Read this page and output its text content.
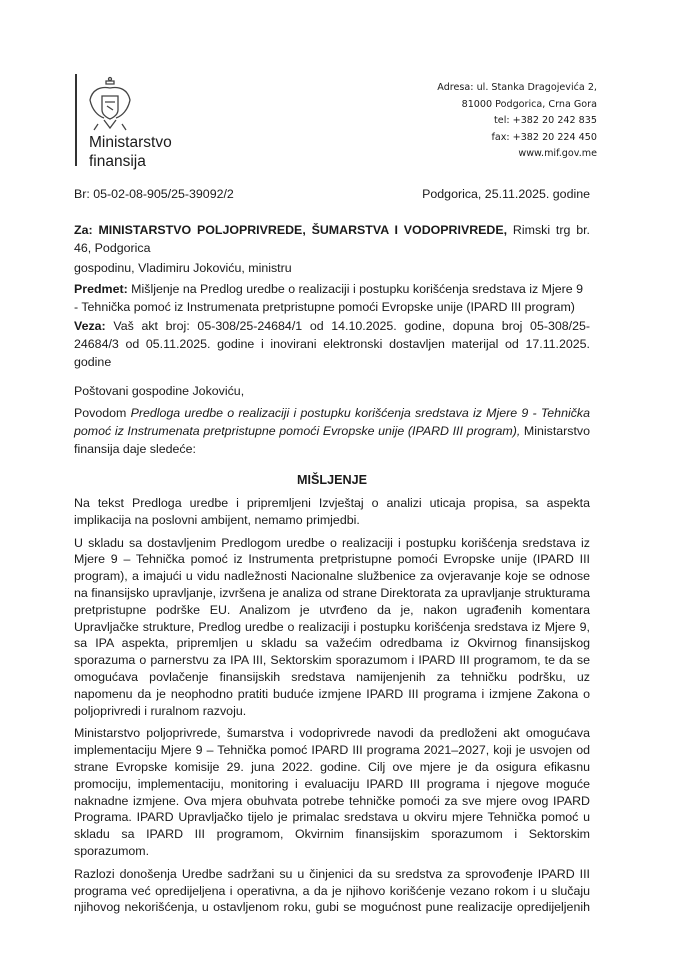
Ministarstvo
finansija
Adresa: ul. Stanka Dragojevića 2,
81000 Podgorica, Crna Gora
tel: +382 20 242 835
fax: +382 20 224 450
www.mif.gov.me
Br: 05-02-08-905/25-39092/2	Podgorica, 25.11.2025. godine
Za: MINISTARSTVO POLJOPRIVREDE, ŠUMARSTVA I VODOPRIVREDE, Rimski trg br. 46, Podgorica
gospodinu, Vladimiru Jokoviću, ministru
Predmet: Mišljenje na Predlog uredbe o realizaciji i postupku korišćenja sredstava iz Mjere 9 - Tehnička pomoć iz Instrumenata pretpristupne pomoći Evropske unije (IPARD III program)
Veza: Vaš akt broj: 05-308/25-24684/1 od 14.10.2025. godine, dopuna broj 05-308/25-24684/3 od 05.11.2025. godine i inovirani elektronski dostavljen materijal od 17.11.2025. godine
Poštovani gospodine Jokoviću,
Povodom Predloga uredbe o realizaciji i postupku korišćenja sredstava iz Mjere 9 - Tehnička pomoć iz Instrumenata pretpristupne pomoći Evropske unije (IPARD III program), Ministarstvo finansija daje sledeće:
MIŠLJENJE
Na tekst Predloga uredbe i pripremljeni Izvještaj o analizi uticaja propisa, sa aspekta implikacija na poslovni ambijent, nemamo primjedbi.
U skladu sa dostavljenim Predlogom uredbe o realizaciji i postupku korišćenja sredstava iz Mjere 9 – Tehnička pomoć iz Instrumenta pretpristupne pomoći Evropske unije (IPARD III program), a imajući u vidu nadležnosti Nacionalne službenice za ovjeravanje koje se odnose na finansijsko upravljanje, izvršena je analiza od strane Direktorata za upravljanje strukturama pretpristupne podrške EU. Analizom je utvrđeno da je, nakon ugrađenih komentara Upravljačke strukture, Predlog uredbe o realizaciji i postupku korišćenja sredstava iz Mjere 9, sa IPA aspekta, pripremljen u skladu sa važećim odredbama iz Okvirnog finansijskog sporazuma o parnerstvu za IPA III, Sektorskim sporazumom i IPARD III programom, te da se omogućava povlačenje finansijskih sredstava namijenjenih za tehničku podršku, uz napomenu da je neophodno pratiti buduće izmjene IPARD III programa i izmjene Zakona o poljoprivredi i ruralnom razvoju.
Ministarstvo poljoprivrede, šumarstva i vodoprivrede navodi da predloženi akt omogućava implementaciju Mjere 9 – Tehnička pomoć IPARD III programa 2021–2027, koji je usvojen od strane Evropske komisije 29. juna 2022. godine. Cilj ove mjere je da osigura efikasnu promociju, implementaciju, monitoring i evaluaciju IPARD III programa i njegove moguće naknadne izmjene. Ova mjera obuhvata potrebe tehničke pomoći za sve mjere ovog IPARD Programa. IPARD Upravljačko tijelo je primalac sredstava u okviru mjere Tehnička pomoć u skladu sa IPARD III programom, Okvirnim finansijskim sporazumom i Sektorskim sporazumom.
Razlozi donošenja Uredbe sadržani su u činjenici da su sredstva za sprovođenje IPARD III programa već opredijeljena i operativna, a da je njihovo korišćenje vezano rokom i u slučaju njihovog nekorišćenja, u ostavljenom roku, gubi se mogućnost pune realizacije opredijeljenih
